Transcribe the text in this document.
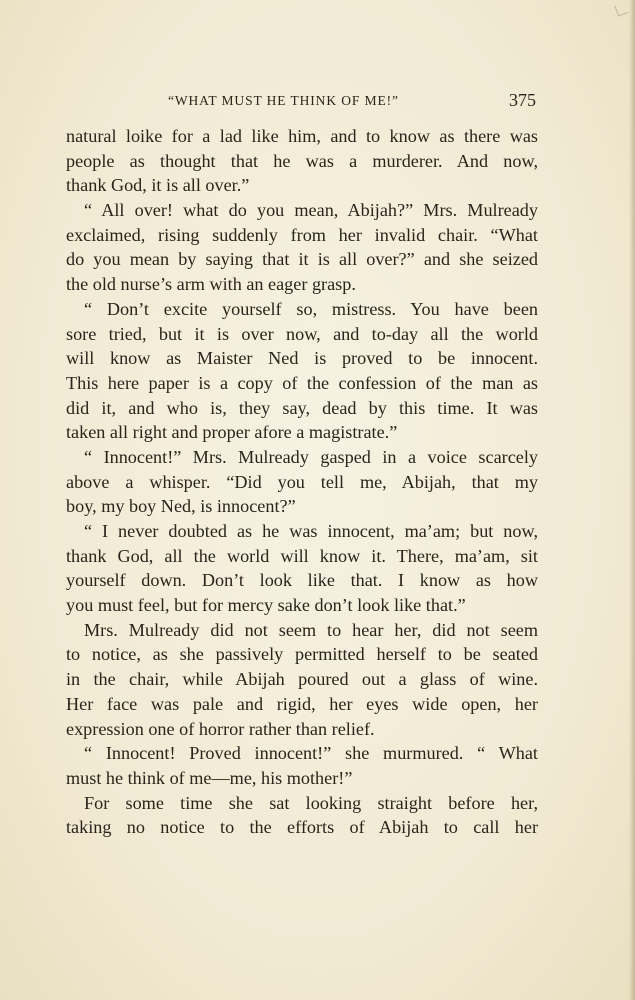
“WHAT MUST HE THINK OF ME!”	375
natural loike for a lad like him, and to know as there was
people as thought that he was a murderer. And now,
thank God, it is all over.”
“ All over! what do you mean, Abijah?” Mrs. Mulready
exclaimed, rising suddenly from her invalid chair. “What
do you mean by saying that it is all over?” and she seized
the old nurse’s arm with an eager grasp.
“ Don’t excite yourself so, mistress. You have been
sore tried, but it is over now, and to-day all the world
will know as Maister Ned is proved to be innocent.
This here paper is a copy of the confession of the man as
did it, and who is, they say, dead by this time. It was
taken all right and proper afore a magistrate.”
“ Innocent!” Mrs. Mulready gasped in a voice scarcely
above a whisper. “Did you tell me, Abijah, that my
boy, my boy Ned, is innocent?”
“ I never doubted as he was innocent, ma’am; but now,
thank God, all the world will know it. There, ma’am, sit
yourself down. Don’t look like that. I know as how
you must feel, but for mercy sake don’t look like that.”
Mrs. Mulready did not seem to hear her, did not seem
to notice, as she passively permitted herself to be seated
in the chair, while Abijah poured out a glass of wine.
Her face was pale and rigid, her eyes wide open, her
expression one of horror rather than relief.
“ Innocent! Proved innocent!” she murmured. “ What
must he think of me—me, his mother!”
For some time she sat looking straight before her,
taking no notice to the efforts of Abijah to call her
